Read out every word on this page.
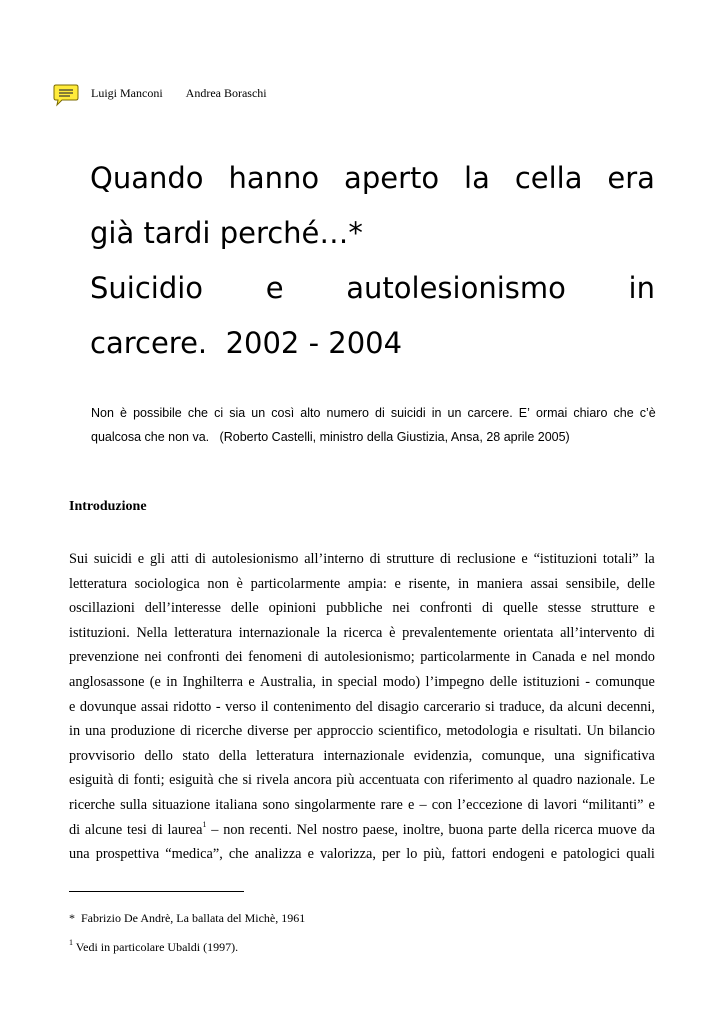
Luigi Manconi Andrea Boraschi
Quando hanno aperto la cella era
già tardi perché…*
Suicidio e autolesionismo in
carcere.  2002 - 2004
Non è possibile che ci sia un così alto numero di suicidi in un carcere. E’ ormai chiaro che c’è
qualcosa che non va.   (Roberto Castelli, ministro della Giustizia, Ansa, 28 aprile 2005)
Introduzione
Sui suicidi e gli atti di autolesionismo all’interno di strutture di reclusione e “istituzioni totali” la
letteratura sociologica non è particolarmente ampia: e risente, in maniera assai sensibile, delle
oscillazioni dell’interesse delle opinioni pubbliche nei confronti di quelle stesse strutture e
istituzioni. Nella letteratura internazionale la ricerca è prevalentemente orientata all’intervento di
prevenzione nei confronti dei fenomeni di autolesionismo; particolarmente in Canada e nel mondo
anglosassone (e in Inghilterra e Australia, in special modo) l’impegno delle istituzioni - comunque
e dovunque assai ridotto - verso il contenimento del disagio carcerario si traduce, da alcuni decenni,
in una produzione di ricerche diverse per approccio scientifico, metodologia e risultati. Un bilancio
provvisorio dello stato della letteratura internazionale evidenzia, comunque, una significativa
esiguità di fonti; esiguità che si rivela ancora più accentuata con riferimento al quadro nazionale. Le
ricerche sulla situazione italiana sono singolarmente rare e – con l’eccezione di lavori “militanti” e
di alcune tesi di laurea$^1$ – non recenti. Nel nostro paese, inoltre, buona parte della ricerca muove da
una prospettiva “medica”, che analizza e valorizza, per lo più, fattori endogeni e patologici quali
* Fabrizio De Andrè, La ballata del Michè, 1961
$^1$ Vedi in particolare Ubaldi (1997).
